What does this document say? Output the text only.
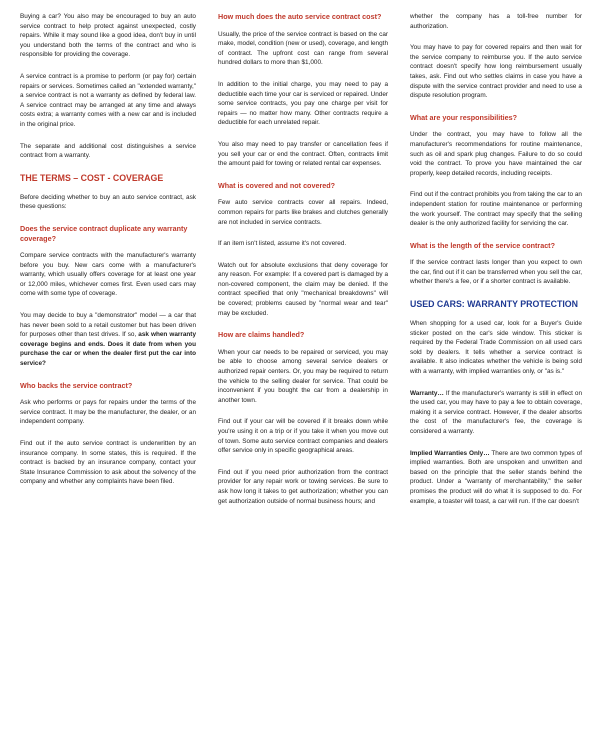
Buying a car? You also may be encouraged to buy an auto service contract to help protect against unexpected, costly repairs. While it may sound like a good idea, don't buy in until you understand both the terms of the contract and who is responsible for providing the coverage.

A service contract is a promise to perform (or pay for) certain repairs or services. Sometimes called an "extended warranty," a service contract is not a warranty as defined by federal law. A service contract may be arranged at any time and always costs extra; a warranty comes with a new car and is included in the original price.

The separate and additional cost distinguishes a service contract from a warranty.

THE TERMS – COST - COVERAGE

Before deciding whether to buy an auto service contract, ask these questions:

Does the service contract duplicate any warranty coverage?

Compare service contracts with the manufacturer's warranty before you buy. New cars come with a manufacturer's warranty, which usually offers coverage for at least one year or 12,000 miles, whichever comes first. Even used cars may come with some type of coverage.

You may decide to buy a "demonstrator" model — a car that has never been sold to a retail customer but has been driven for purposes other than test drives. If so, ask when warranty coverage begins and ends. Does it date from when you purchase the car or when the dealer first put the car into service?

Who backs the service contract?

Ask who performs or pays for repairs under the terms of the service contract. It may be the manufacturer, the dealer, or an independent company.

Find out if the auto service contract is underwritten by an insurance company. In some states, this is required. If the contract is backed by an insurance company, contact your State Insurance Commission to ask about the solvency of the company and whether any complaints have been filed.

How much does the auto service contract cost?

Usually, the price of the service contract is based on the car make, model, condition (new or used), coverage, and length of contract. The upfront cost can range from several hundred dollars to more than $1,000.

In addition to the initial charge, you may need to pay a deductible each time your car is serviced or repaired. Under some service contracts, you pay one charge per visit for repairs — no matter how many. Other contracts require a deductible for each unrelated repair.

You also may need to pay transfer or cancellation fees if you sell your car or end the contract. Often, contracts limit the amount paid for towing or related rental car expenses.

What is covered and not covered?

Few auto service contracts cover all repairs. Indeed, common repairs for parts like brakes and clutches generally are not included in service contracts.

If an item isn't listed, assume it's not covered.

Watch out for absolute exclusions that deny coverage for any reason. For example: If a covered part is damaged by a non-covered component, the claim may be denied. If the contract specified that only "mechanical breakdowns" will be covered; problems caused by "normal wear and tear" may be excluded.

How are claims handled?

When your car needs to be repaired or serviced, you may be able to choose among several service dealers or authorized repair centers. Or, you may be required to return the vehicle to the selling dealer for service. That could be inconvenient if you bought the car from a dealership in another town.

Find out if your car will be covered if it breaks down while you're using it on a trip or if you take it when you move out of town. Some auto service contract companies and dealers offer service only in specific geographical areas.

Find out if you need prior authorization from the contract provider for any repair work or towing services. Be sure to ask how long it takes to get authorization; whether you can get authorization outside of normal business hours; and

whether the company has a toll-free number for authorization.

You may have to pay for covered repairs and then wait for the service company to reimburse you. If the auto service contract doesn't specify how long reimbursement usually takes, ask. Find out who settles claims in case you have a dispute with the service contract provider and need to use a dispute resolution program.

What are your responsibilities?

Under the contract, you may have to follow all the manufacturer's recommendations for routine maintenance, such as oil and spark plug changes. Failure to do so could void the contract. To prove you have maintained the car properly, keep detailed records, including receipts.

Find out if the contract prohibits you from taking the car to an independent station for routine maintenance or performing the work yourself. The contract may specify that the selling dealer is the only authorized facility for servicing the car.

What is the length of the service contract?

If the service contract lasts longer than you expect to own the car, find out if it can be transferred when you sell the car, whether there's a fee, or if a shorter contract is available.

USED CARS: WARRANTY PROTECTION

When shopping for a used car, look for a Buyer's Guide sticker posted on the car's side window. This sticker is required by the Federal Trade Commission on all used cars sold by dealers. It tells whether a service contract is available. It also indicates whether the vehicle is being sold with a warranty, with implied warranties only, or "as is."

Warranty… If the manufacturer's warranty is still in effect on the used car, you may have to pay a fee to obtain coverage, making it a service contract. However, if the dealer absorbs the cost of the manufacturer's fee, the coverage is considered a warranty.

Implied Warranties Only… There are two common types of implied warranties. Both are unspoken and unwritten and based on the principle that the seller stands behind the product. Under a "warranty of merchantability," the seller promises the product will do what it is supposed to do. For example, a toaster will toast, a car will run. If the car doesn't
